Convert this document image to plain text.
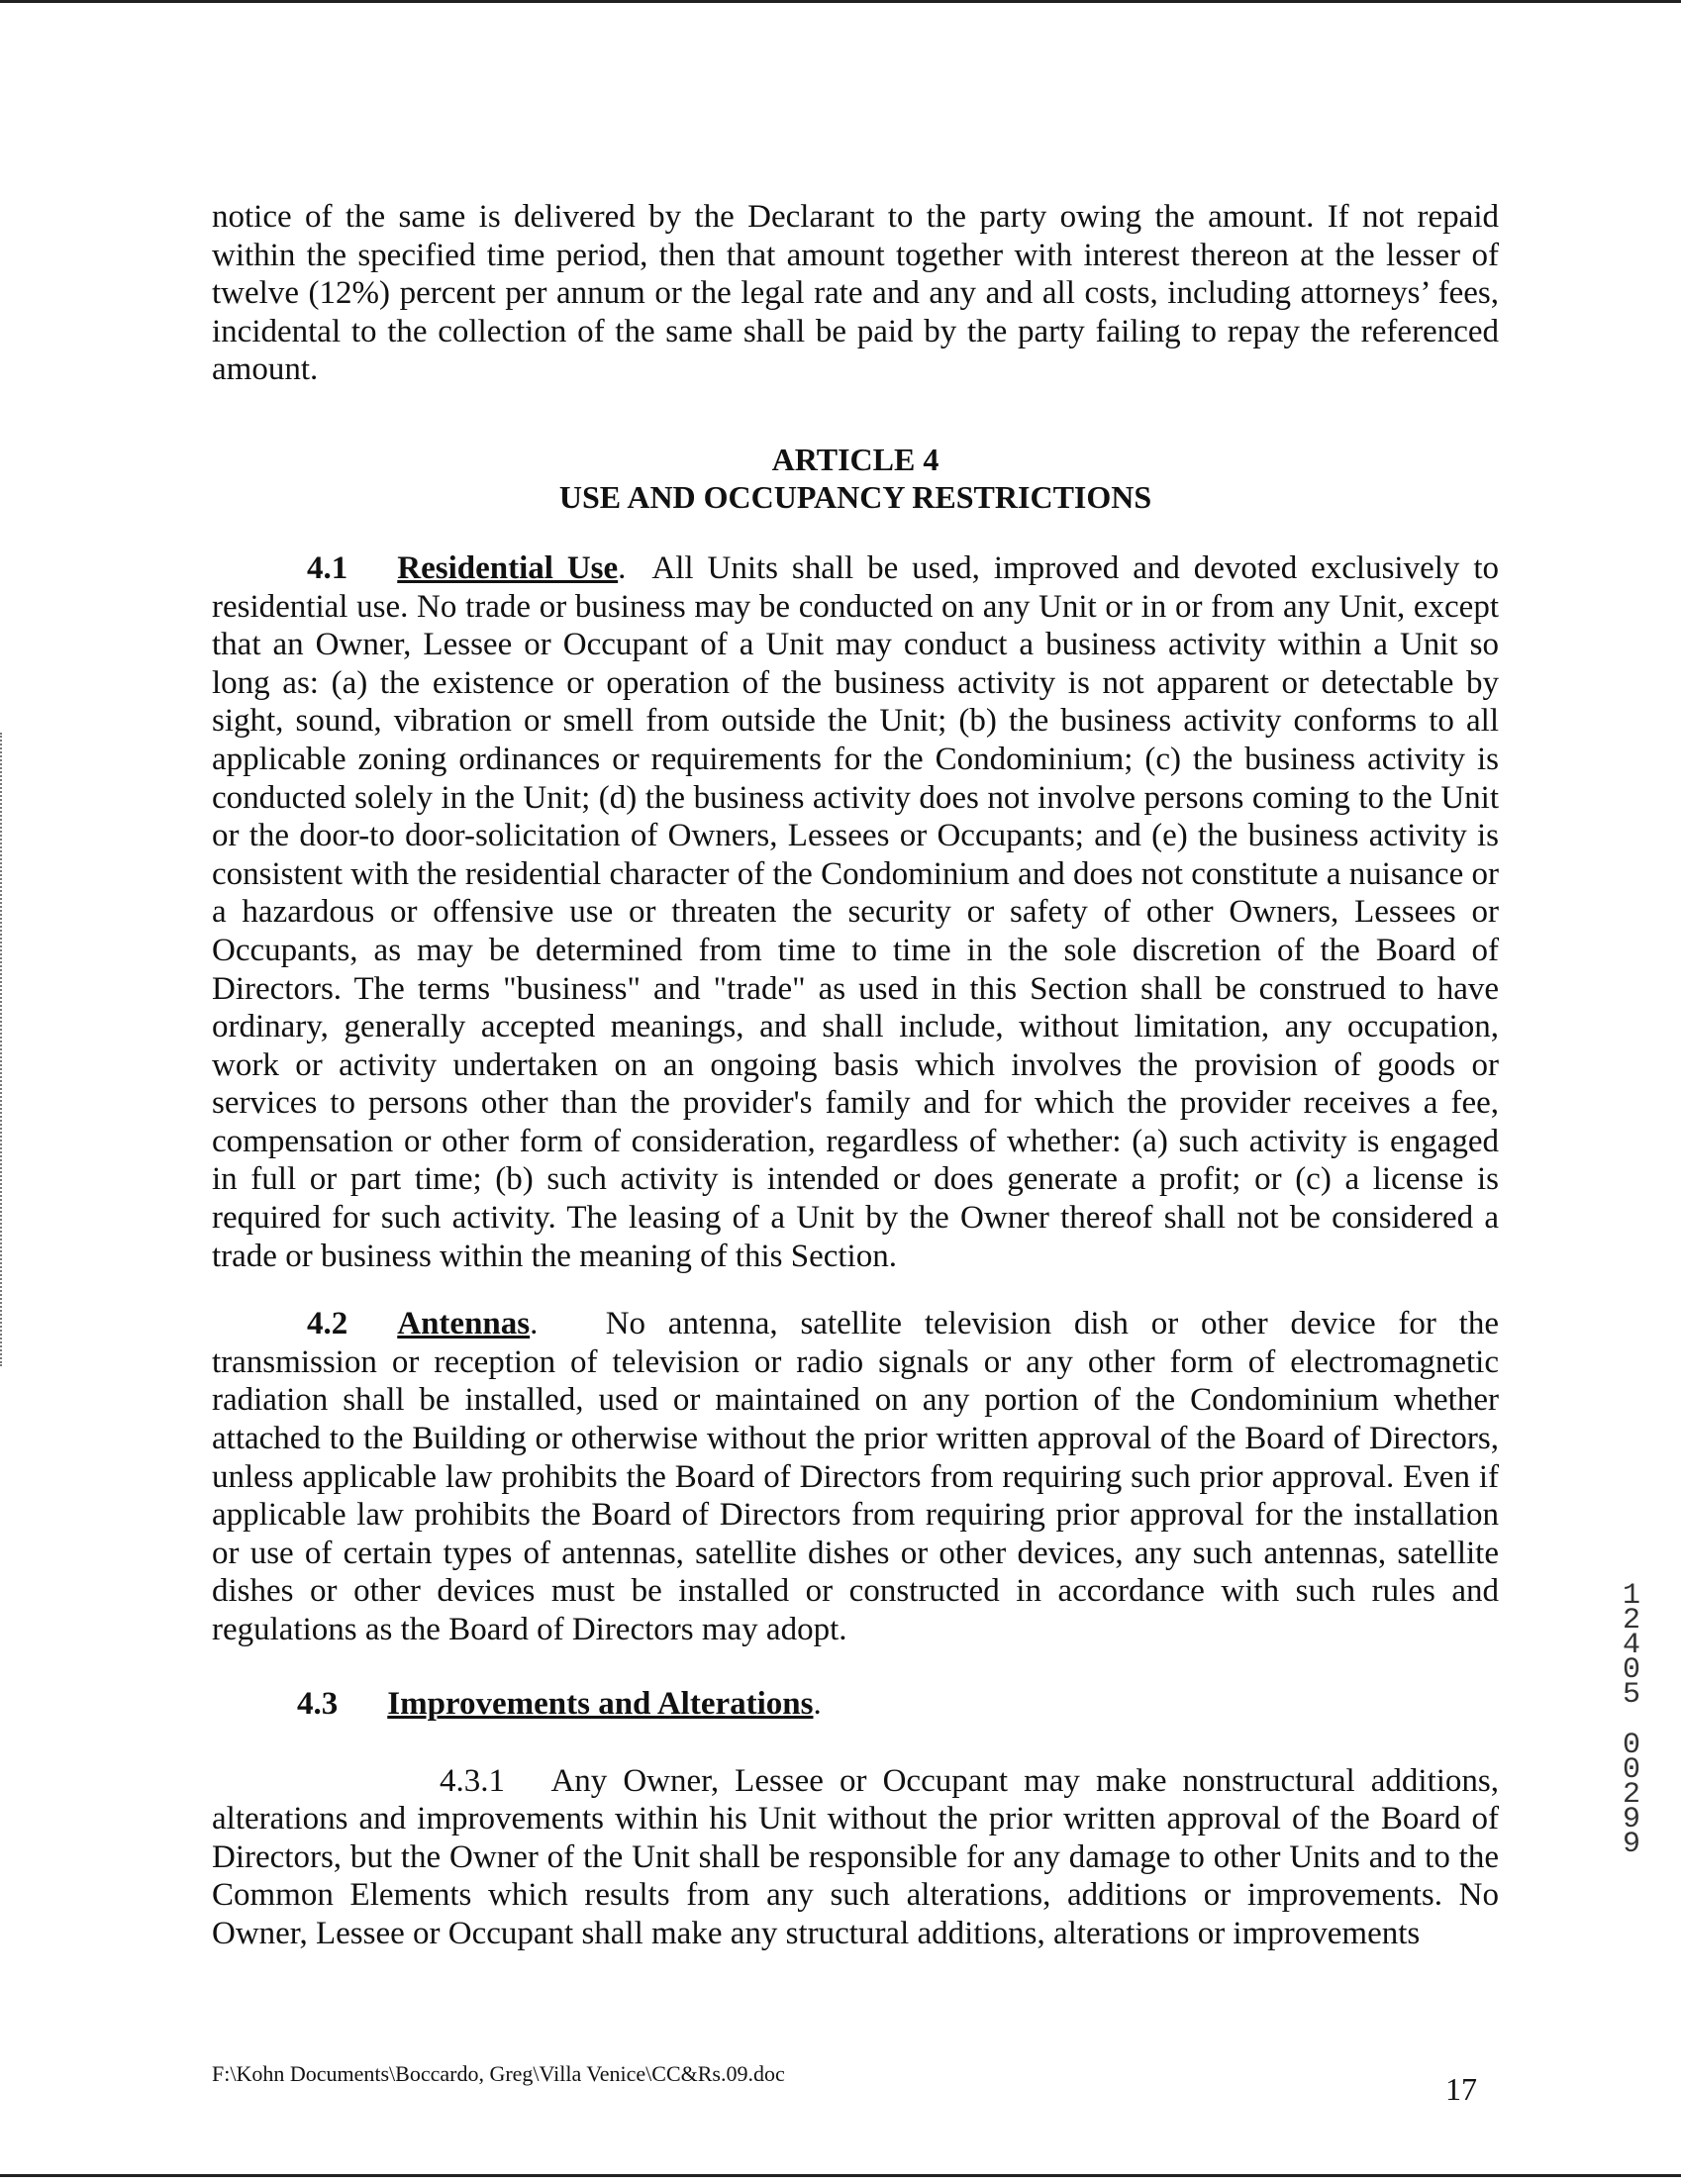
notice of the same is delivered by the Declarant to the party owing the amount. If not repaid within the specified time period, then that amount together with interest thereon at the lesser of twelve (12%) percent per annum or the legal rate and any and all costs, including attorneys’ fees, incidental to the collection of the same shall be paid by the party failing to repay the referenced amount.

ARTICLE 4
USE AND OCCUPANCY RESTRICTIONS

4.1 Residential Use.  All Units shall be used, improved and devoted exclusively to residential use. No trade or business may be conducted on any Unit or in or from any Unit, except that an Owner, Lessee or Occupant of a Unit may conduct a business activity within a Unit so long as: (a) the existence or operation of the business activity is not apparent or detectable by sight, sound, vibration or smell from outside the Unit; (b) the business activity conforms to all applicable zoning ordinances or requirements for the Condominium; (c) the business activity is conducted solely in the Unit; (d) the business activity does not involve persons coming to the Unit or the door-to door-solicitation of Owners, Lessees or Occupants; and (e) the business activity is consistent with the residential character of the Condominium and does not constitute a nuisance or a hazardous or offensive use or threaten the security or safety of other Owners, Lessees or Occupants, as may be determined from time to time in the sole discretion of the Board of Directors. The terms "business" and "trade" as used in this Section shall be construed to have ordinary, generally accepted meanings, and shall include, without limitation, any occupation, work or activity undertaken on an ongoing basis which involves the provision of goods or services to persons other than the provider's family and for which the provider receives a fee, compensation or other form of consideration, regardless of whether: (a) such activity is engaged in full or part time; (b) such activity is intended or does generate a profit; or (c) a license is required for such activity. The leasing of a Unit by the Owner thereof shall not be considered a trade or business within the meaning of this Section.

4.2 Antennas.   No antenna, satellite television dish or other device for the transmission or reception of television or radio signals or any other form of electromagnetic radiation shall be installed, used or maintained on any portion of the Condominium whether attached to the Building or otherwise without the prior written approval of the Board of Directors, unless applicable law prohibits the Board of Directors from requiring such prior approval. Even if applicable law prohibits the Board of Directors from requiring prior approval for the installation or use of certain types of antennas, satellite dishes or other devices, any such antennas, satellite dishes or other devices must be installed or constructed in accordance with such rules and regulations as the Board of Directors may adopt.

4.3 Improvements and Alterations.

4.3.1 Any Owner, Lessee or Occupant may make nonstructural additions, alterations and improvements within his Unit without the prior written approval of the Board of Directors, but the Owner of the Unit shall be responsible for any damage to other Units and to the Common Elements which results from any such alterations, additions or improvements. No Owner, Lessee or Occupant shall make any structural additions, alterations or improvements

1
2
4
0
5
0
0
2
9
9
F:\Kohn Documents\Boccardo, Greg\Villa Venice\CC&Rs.09.doc	17
